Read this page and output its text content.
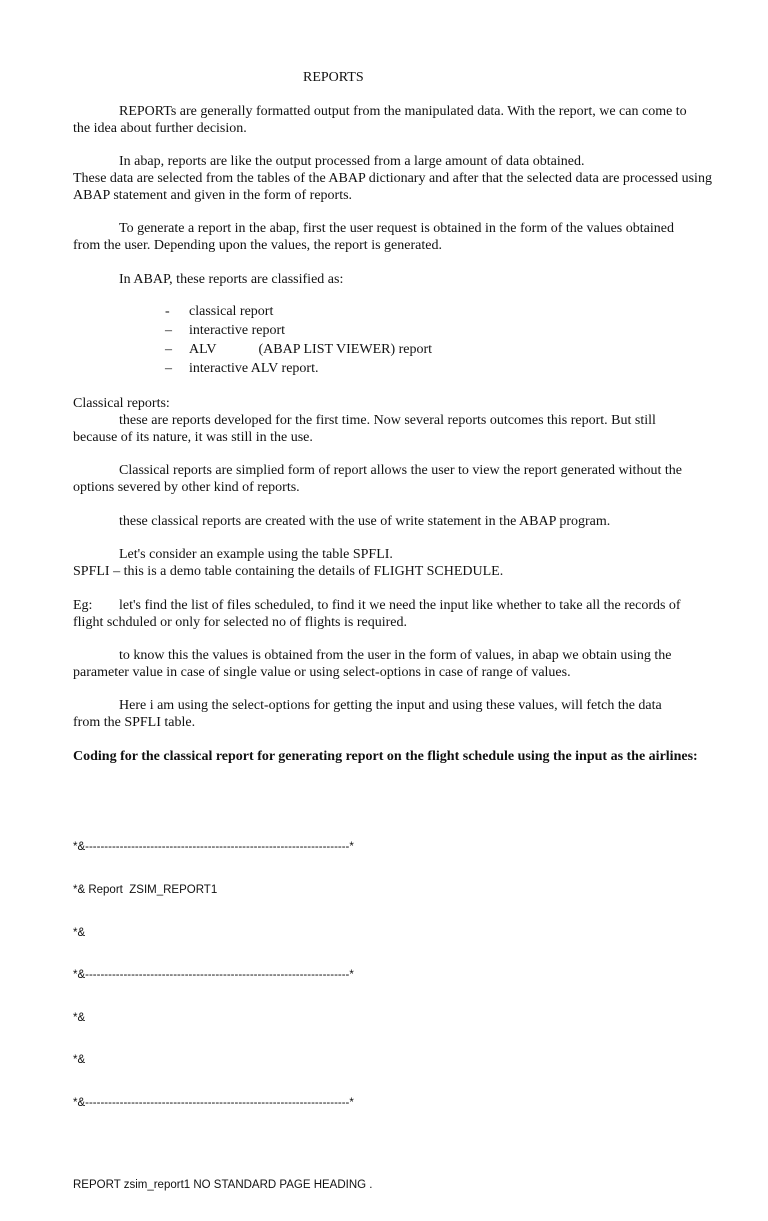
REPORTS

REPORTs are generally formatted output from the manipulated data. With the report, we can come to the idea about further decision.

In abap, reports are like the output processed from a large amount of data obtained.
These data are selected from the tables of the ABAP dictionary and after that the selected data are processed using ABAP statement and given in the form of reports.

To generate a report in the abap, first the user request is obtained in the form of the values obtained from the user. Depending upon the values, the report is generated.

In ABAP, these reports are classified as:

-	classical report
–	interactive report
–	ALV	(ABAP LIST VIEWER) report
–	interactive ALV report.

Classical reports:

these are reports developed for the first time. Now several reports outcomes this report. But still because of its nature, it was still in the use.

Classical reports are simplied form of report allows the user to view the report generated without the options severed by other kind of reports.

these classical reports are created with the use of write statement in the ABAP program.

Let's consider an example using the table SPFLI.
SPFLI – this is a demo table containing the details of FLIGHT SCHEDULE.

Eg: let's find the list of files scheduled, to find it we need the input like whether to take all the records of flight schduled or only for selected no of flights is required.

to know this the values is obtained from the user in the form of values, in abap we obtain using the parameter value in case of single value or using select-options in case of range of values.

Here i am using the select-options for getting the input and using these values, will fetch the data from the SPFLI table.

Coding for the classical report for generating report on the flight schedule using the input as the airlines:

*&---------------------------------------------------------------------*

*& Report  ZSIM_REPORT1

*&

*&---------------------------------------------------------------------*

*&

*&

*&---------------------------------------------------------------------*

REPORT zsim_report1 NO STANDARD PAGE HEADING .
